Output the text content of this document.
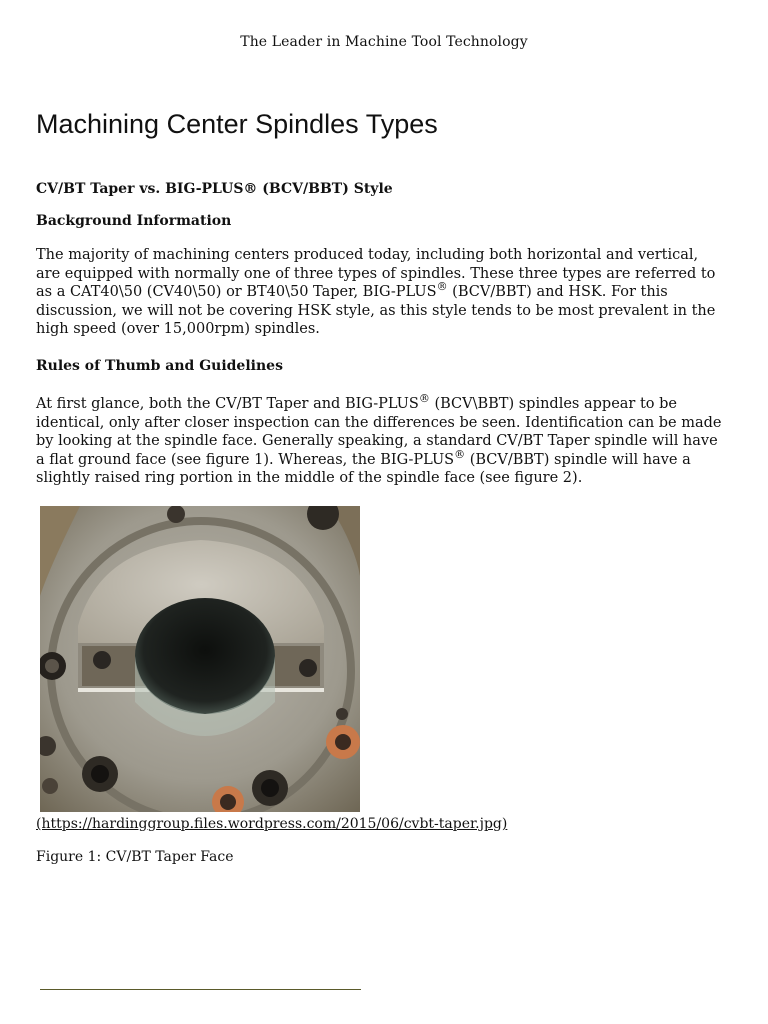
The Leader in Machine Tool Technology
Machining Center Spindles Types

CV/BT Taper vs. BIG-PLUS® (BCV/BBT) Style

Background Information

The majority of machining centers produced today, including both horizontal and vertical, are equipped with normally one of three types of spindles. These three types are referred to as a CAT40\50 (CV40\50) or BT40\50 Taper, BIG-PLUS® (BCV/BBT) and HSK. For this discussion, we will not be covering HSK style, as this style tends to be most prevalent in the high speed (over 15,000rpm) spindles.

Rules of Thumb and Guidelines

At first glance, both the CV/BT Taper and BIG-PLUS® (BCV\BBT) spindles appear to be identical, only after closer inspection can the differences be seen. Identification can be made by looking at the spindle face. Generally speaking, a standard CV/BT Taper spindle will have a flat ground face (see figure 1). Whereas, the BIG-PLUS® (BCV/BBT) spindle will have a slightly raised ring portion in the middle of the spindle face (see figure 2).

(https://hardinggroup.files.wordpress.com/2015/06/cvbt-taper.jpg)

Figure 1: CV/BT Taper Face
